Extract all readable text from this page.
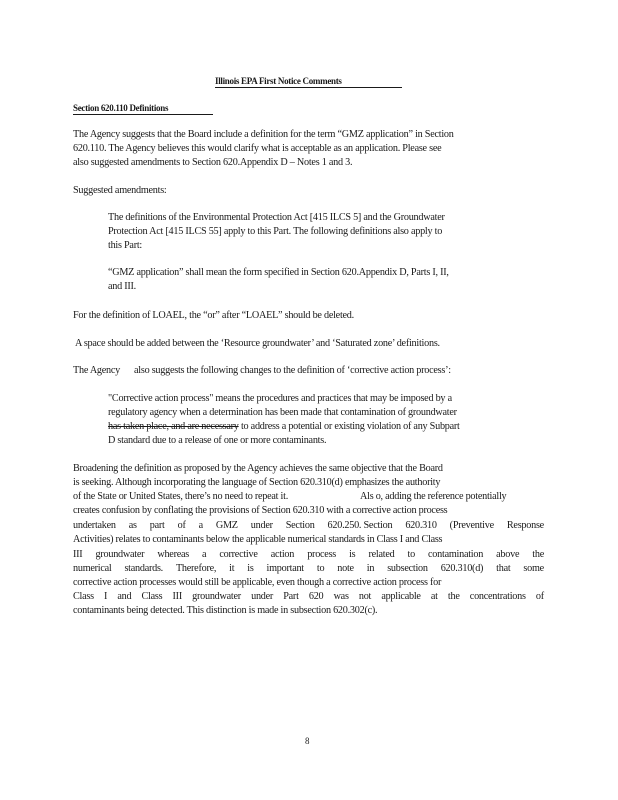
Illinois EPA First Notice Comments
Section 620.110 Definitions
The Agency suggests that the Board include a definition for the term “GMZ application” in Section
620.110. The Agency believes this would clarify what is acceptable as an application. Please see
also suggested amendments to Section 620.Appendix D – Notes 1 and 3.
Suggested amendments:
The definitions of the Environmental Protection Act [415 ILCS 5] and the Groundwater
Protection Act [415 ILCS 55] apply to this Part. The following definitions also apply to
this Part:
“GMZ application” shall mean the form specified in Section 620.Appendix D, Parts I, II,
and III.
For the definition of LOAEL, the “or” after “LOAEL” should be deleted.
A space should be added between the ‘Resource groundwater’ and ‘Saturated zone’ definitions.
The Agency also suggests the following changes to the definition of ‘corrective action process’:
"Corrective action process" means the procedures and practices that may be imposed by a
regulatory agency when a determination has been made that contamination of groundwater
has taken place, and are necessary to address a potential or existing violation of any Subpart
D standard due to a release of one or more contaminants.
Broadening the definition as proposed by the Agency achieves the same objective that the Board
is seeking. Although incorporating the language of Section 620.310(d) emphasizes the authority
of the State or United States, there’s no need to repeat it.	Als o, adding the reference potentially
creates confusion by conflating the provisions of Section 620.310 with a corrective action process
undertaken as part of a GMZ under Section 620.250. Section 620.310 (Preventive Response
Activities) relates to contaminants below the applicable numerical standards in Class I and Class
III groundwater whereas a corrective action process is related to contamination above the
numerical standards. Therefore, it is important to note in subsection 620.310(d) that some
corrective action processes would still be applicable, even though a corrective action process for
Class I and Class III groundwater under Part 620 was not applicable at the concentrations of
contaminants being detected. This distinction is made in subsection 620.302(c).
8
